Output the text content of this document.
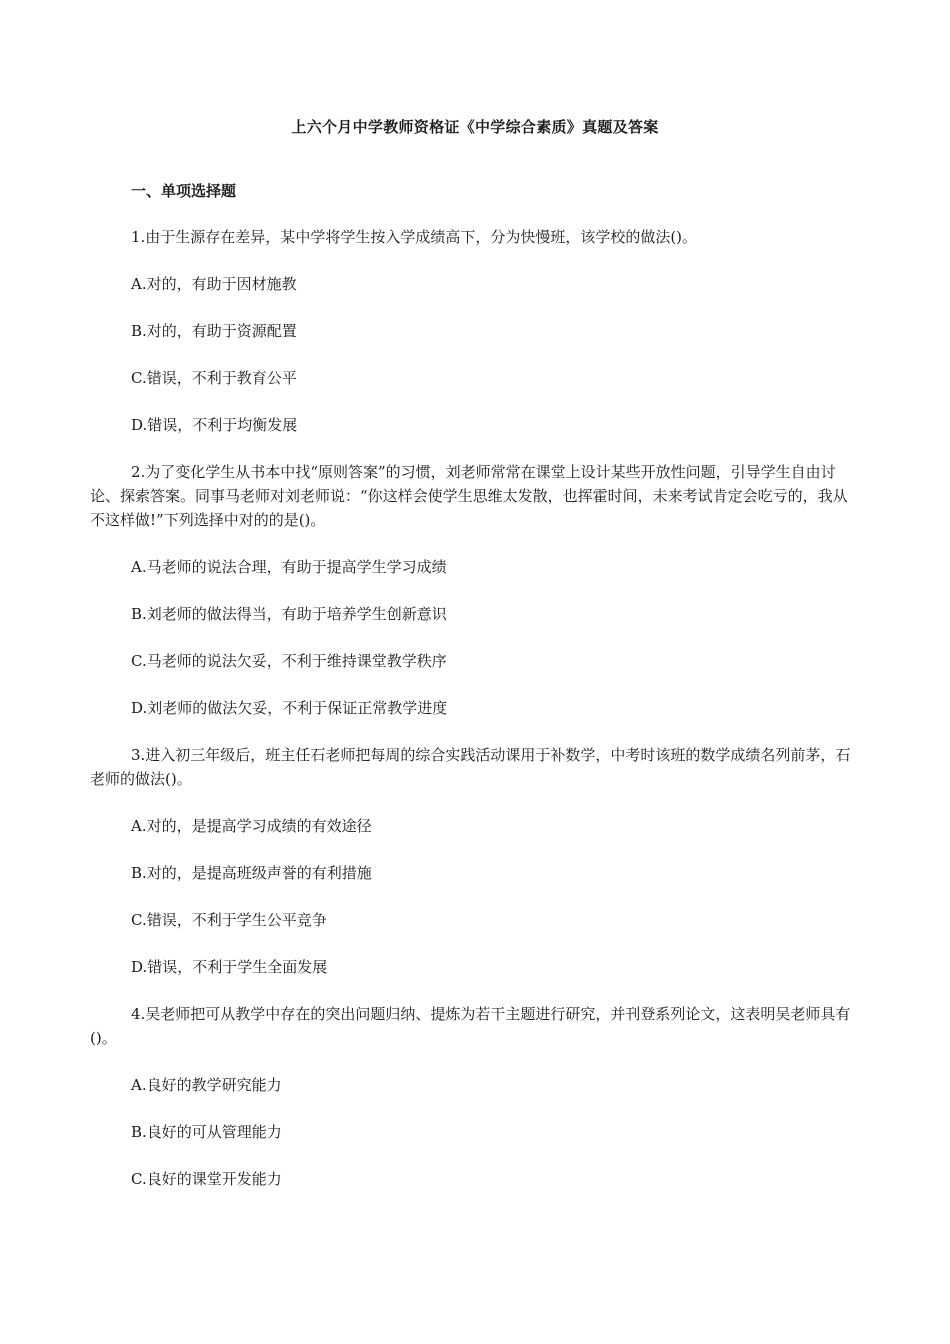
上六个月中学教师资格证《中学综合素质》真题及答案
一、单项选择题

1.由于生源存在差异，某中学将学生按入学成绩高下，分为快慢班，该学校的做法()。

A.对的，有助于因材施教

B.对的，有助于资源配置

C.错误，不利于教育公平

D.错误，不利于均衡发展

2.为了变化学生从书本中找“原则答案”的习惯，刘老师常常在课堂上设计某些开放性问题，引导学生自由讨论、探索答案。同事马老师对刘老师说：“你这样会使学生思维太发散，也挥霍时间，未来考试肯定会吃亏的，我从不这样做!”下列选择中对的的是()。

A.马老师的说法合理，有助于提高学生学习成绩

B.刘老师的做法得当，有助于培养学生创新意识

C.马老师的说法欠妥，不利于维持课堂教学秩序

D.刘老师的做法欠妥，不利于保证正常教学进度

3.进入初三年级后，班主任石老师把每周的综合实践活动课用于补数学，中考时该班的数学成绩名列前茅，石老师的做法()。

A.对的，是提高学习成绩的有效途径

B.对的，是提高班级声誉的有利措施

C.错误，不利于学生公平竞争

D.错误，不利于学生全面发展

4.吴老师把可从教学中存在的突出问题归纳、提炼为若干主题进行研究，并刊登系列论文，这表明吴老师具有()。

A.良好的教学研究能力

B.良好的可从管理能力

C.良好的课堂开发能力
